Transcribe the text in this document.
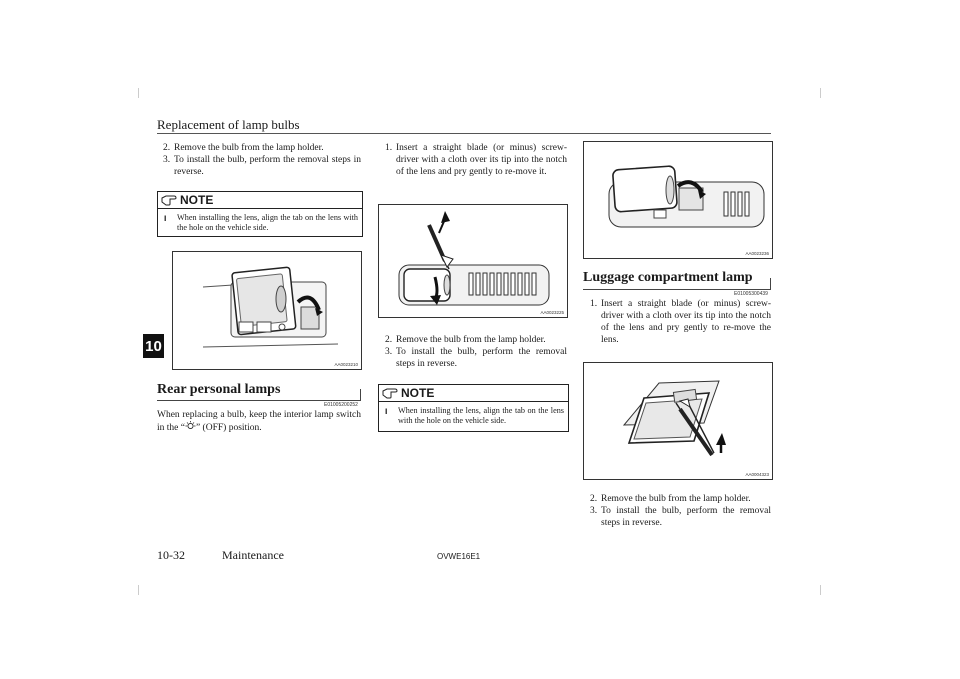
Replacement of lamp bulbs
10
2. Remove the bulb from the lamp holder.
3. To install the bulb, perform the removal steps in reverse.
NOTE
l When installing the lens, align the tab on the lens with the hole on the vehicle side.
AA0023210
Rear personal lamps
E01005200252
When replacing a bulb, keep the interior lamp switch in the “ ” (OFF) position.
1. Insert a straight blade (or minus) screw-driver with a cloth over its tip into the notch of the lens and pry gently to re-move it.
AA0023225
2. Remove the bulb from the lamp holder.
3. To install the bulb, perform the removal steps in reverse.
NOTE
l When installing the lens, align the tab on the lens with the hole on the vehicle side.
AA0023236
Luggage compartment lamp
E01005300439
1. Insert a straight blade (or minus) screw-driver with a cloth over its tip into the notch of the lens and pry gently to re-move the lens.
AA0004323
2. Remove the bulb from the lamp holder.
3. To install the bulb, perform the removal steps in reverse.
10-32	Maintenance	OVWE16E1
